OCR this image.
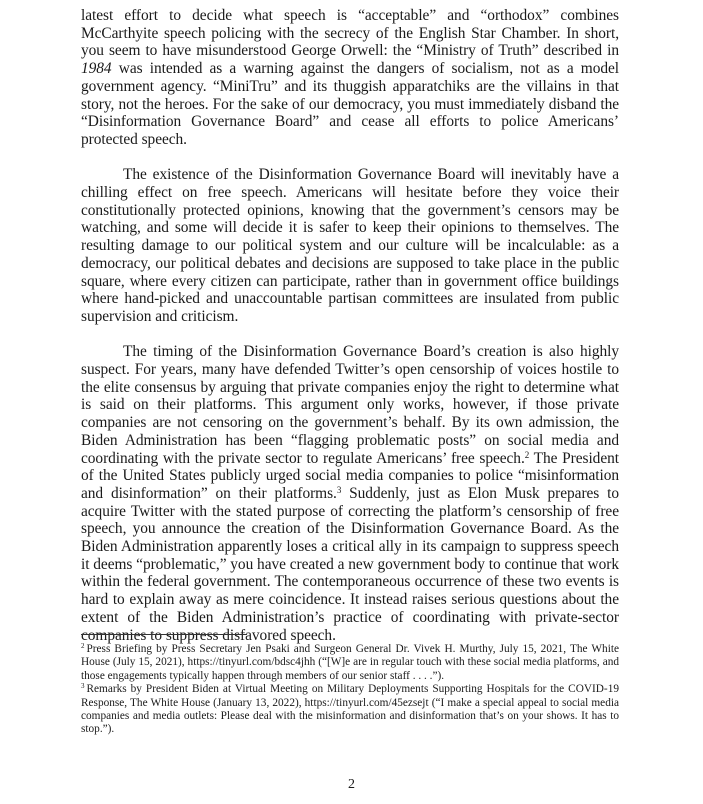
latest effort to decide what speech is “acceptable” and “orthodox” combines McCarthyite speech policing with the secrecy of the English Star Chamber. In short, you seem to have misunderstood George Orwell: the “Ministry of Truth” described in 1984 was intended as a warning against the dangers of socialism, not as a model government agency. “MiniTru” and its thuggish apparatchiks are the villains in that story, not the heroes. For the sake of our democracy, you must immediately disband the “Disinformation Governance Board” and cease all efforts to police Americans’ protected speech.

The existence of the Disinformation Governance Board will inevitably have a chilling effect on free speech. Americans will hesitate before they voice their constitutionally protected opinions, knowing that the government’s censors may be watching, and some will decide it is safer to keep their opinions to themselves. The resulting damage to our political system and our culture will be incalculable: as a democracy, our political debates and decisions are supposed to take place in the public square, where every citizen can participate, rather than in government office buildings where hand-picked and unaccountable partisan committees are insulated from public supervision and criticism.

The timing of the Disinformation Governance Board’s creation is also highly suspect. For years, many have defended Twitter’s open censorship of voices hostile to the elite consensus by arguing that private companies enjoy the right to determine what is said on their platforms. This argument only works, however, if those private companies are not censoring on the government’s behalf. By its own admission, the Biden Administration has been “flagging problematic posts” on social media and coordinating with the private sector to regulate Americans’ free speech.$^2$ The President of the United States publicly urged social media companies to police “misinformation and disinformation” on their platforms.$^3$ Suddenly, just as Elon Musk prepares to acquire Twitter with the stated purpose of correcting the platform’s censorship of free speech, you announce the creation of the Disinformation Governance Board. As the Biden Administration apparently loses a critical ally in its campaign to suppress speech it deems “problematic,” you have created a new government body to continue that work within the federal government. The contemporaneous occurrence of these two events is hard to explain away as mere coincidence. It instead raises serious questions about the extent of the Biden Administration’s practice of coordinating with private-sector companies to suppress disfavored speech.

$^2$ Press Briefing by Press Secretary Jen Psaki and Surgeon General Dr. Vivek H. Murthy, July 15, 2021, The White House (July 15, 2021), https://tinyurl.com/bdsc4jhh (“[W]e are in regular touch with these social media platforms, and those engagements typically happen through members of our senior staff . . . .”).

$^3$ Remarks by President Biden at Virtual Meeting on Military Deployments Supporting Hospitals for the COVID-19 Response, The White House (January 13, 2022), https://tinyurl.com/45ezsejt (“I make a special appeal to social media companies and media outlets: Please deal with the misinformation and disinformation that’s on your shows. It has to stop.”).

2
